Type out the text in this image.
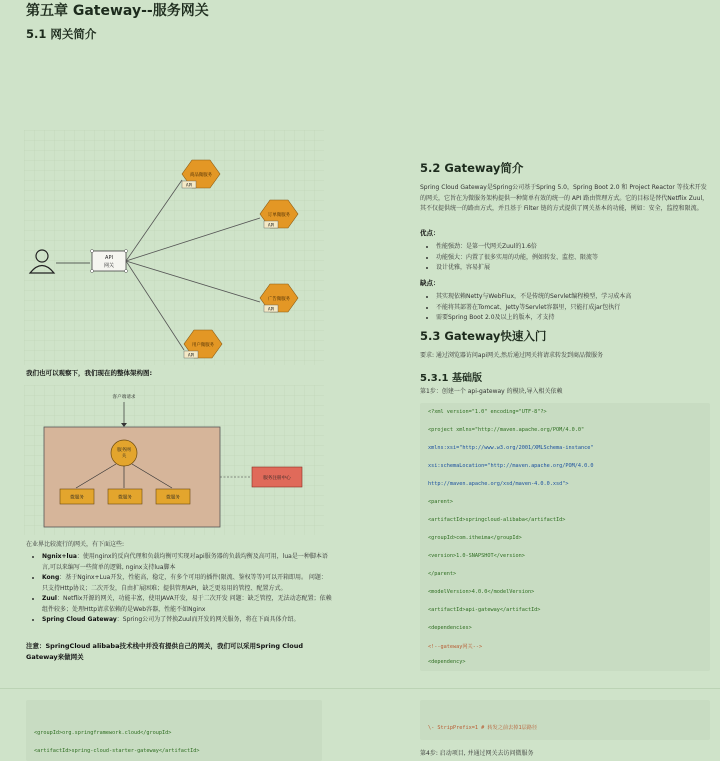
第五章 Gateway--服务网关
5.1 网关简介
API
网关
商品微服务
API
订单微服务
API
广告微服务
API
用户微服务
API
我们也可以观察下，我们现在的整体架构图:
客户端请求
服务网
关
微服务	微服务	微服务
服务注册中心
在业界比较流行的网关，有下面这些:
• Ngnix+lua：使用nginx的反向代理和负载均衡可实现对api服务器的负载均衡及高可用，lua是一种脚本语言,可以来编写一些简单的逻辑, nginx支持lua脚本
• Kong：基于Nginx+Lua开发，性能高，稳定，有多个可用的插件(限流、鉴权等等)可以开箱即用。 问题：只支持Http协议；二次开发，自由扩展困难；提供管理API，缺乏更易用的管控、配置方式。
• Zuul：Netflix开源的网关，功能丰富，使用JAVA开发，易于二次开发 问题：缺乏管控，无法动态配置；依赖组件较多；处理Http请求依赖的是Web容器，性能不如Nginx
• Spring Cloud Gateway：Spring公司为了替换Zuul而开发的网关服务，将在下面具体介绍。
注意：SpringCloud alibaba技术栈中并没有提供自己的网关，我们可以采用Spring Cloud Gateway来做网关
5.2 Gateway简介
Spring Cloud Gateway是Spring公司基于Spring 5.0，Spring Boot 2.0 和 Project Reactor 等技术开发的网关，它旨在为微服务架构提供一种简单有效的统一的 API 路由管理方式。它的目标是替代Netflix Zuul，其不仅提供统一的路由方式，并且基于 Filter 链的方式提供了网关基本的功能，例如：安全，监控和限流。
优点：
• 性能强劲：是第一代网关Zuul的1.6倍
• 功能强大：内置了很多实用的功能，例如转发、监控、限流等
• 设计优雅，容易扩展
缺点：
• 其实现依赖Netty与WebFlux，不是传统的Servlet编程模型，学习成本高
• 不能将其部署在Tomcat、Jetty等Servlet容器里，只能打成jar包执行
• 需要Spring Boot 2.0及以上的版本，才支持
5.3 Gateway快速入门
要求: 通过浏览器访问api网关,然后通过网关将请求转发到商品微服务
5.3.1 基础版
第1步：创建一个 api-gateway 的模块,导入相关依赖
<?xml version="1.0" encoding="UTF-8"?>
<project xmlns="http://maven.apache.org/POM/4.0.0"
xmlns:xsi="http://www.w3.org/2001/XMLSchema-instance"
xsi:schemaLocation="http://maven.apache.org/POM/4.0.0
http://maven.apache.org/xsd/maven-4.0.0.xsd">
<parent>
<artifactId>springcloud-alibaba</artifactId>
<groupId>com.itheima</groupId>
<version>1.0-SNAPSHOT</version>
</parent>
<modelVersion>4.0.0</modelVersion>
<artifactId>api-gateway</artifactId>
<dependencies>
<!--gateway网关-->
<dependency>
<groupId>org.springframework.cloud</groupId>
<artifactId>spring-cloud-starter-gateway</artifactId>
\- StripPrefix=1 # 转发之前去掉1层路径
第4步: 启动项目, 并通过网关去访问微服务
